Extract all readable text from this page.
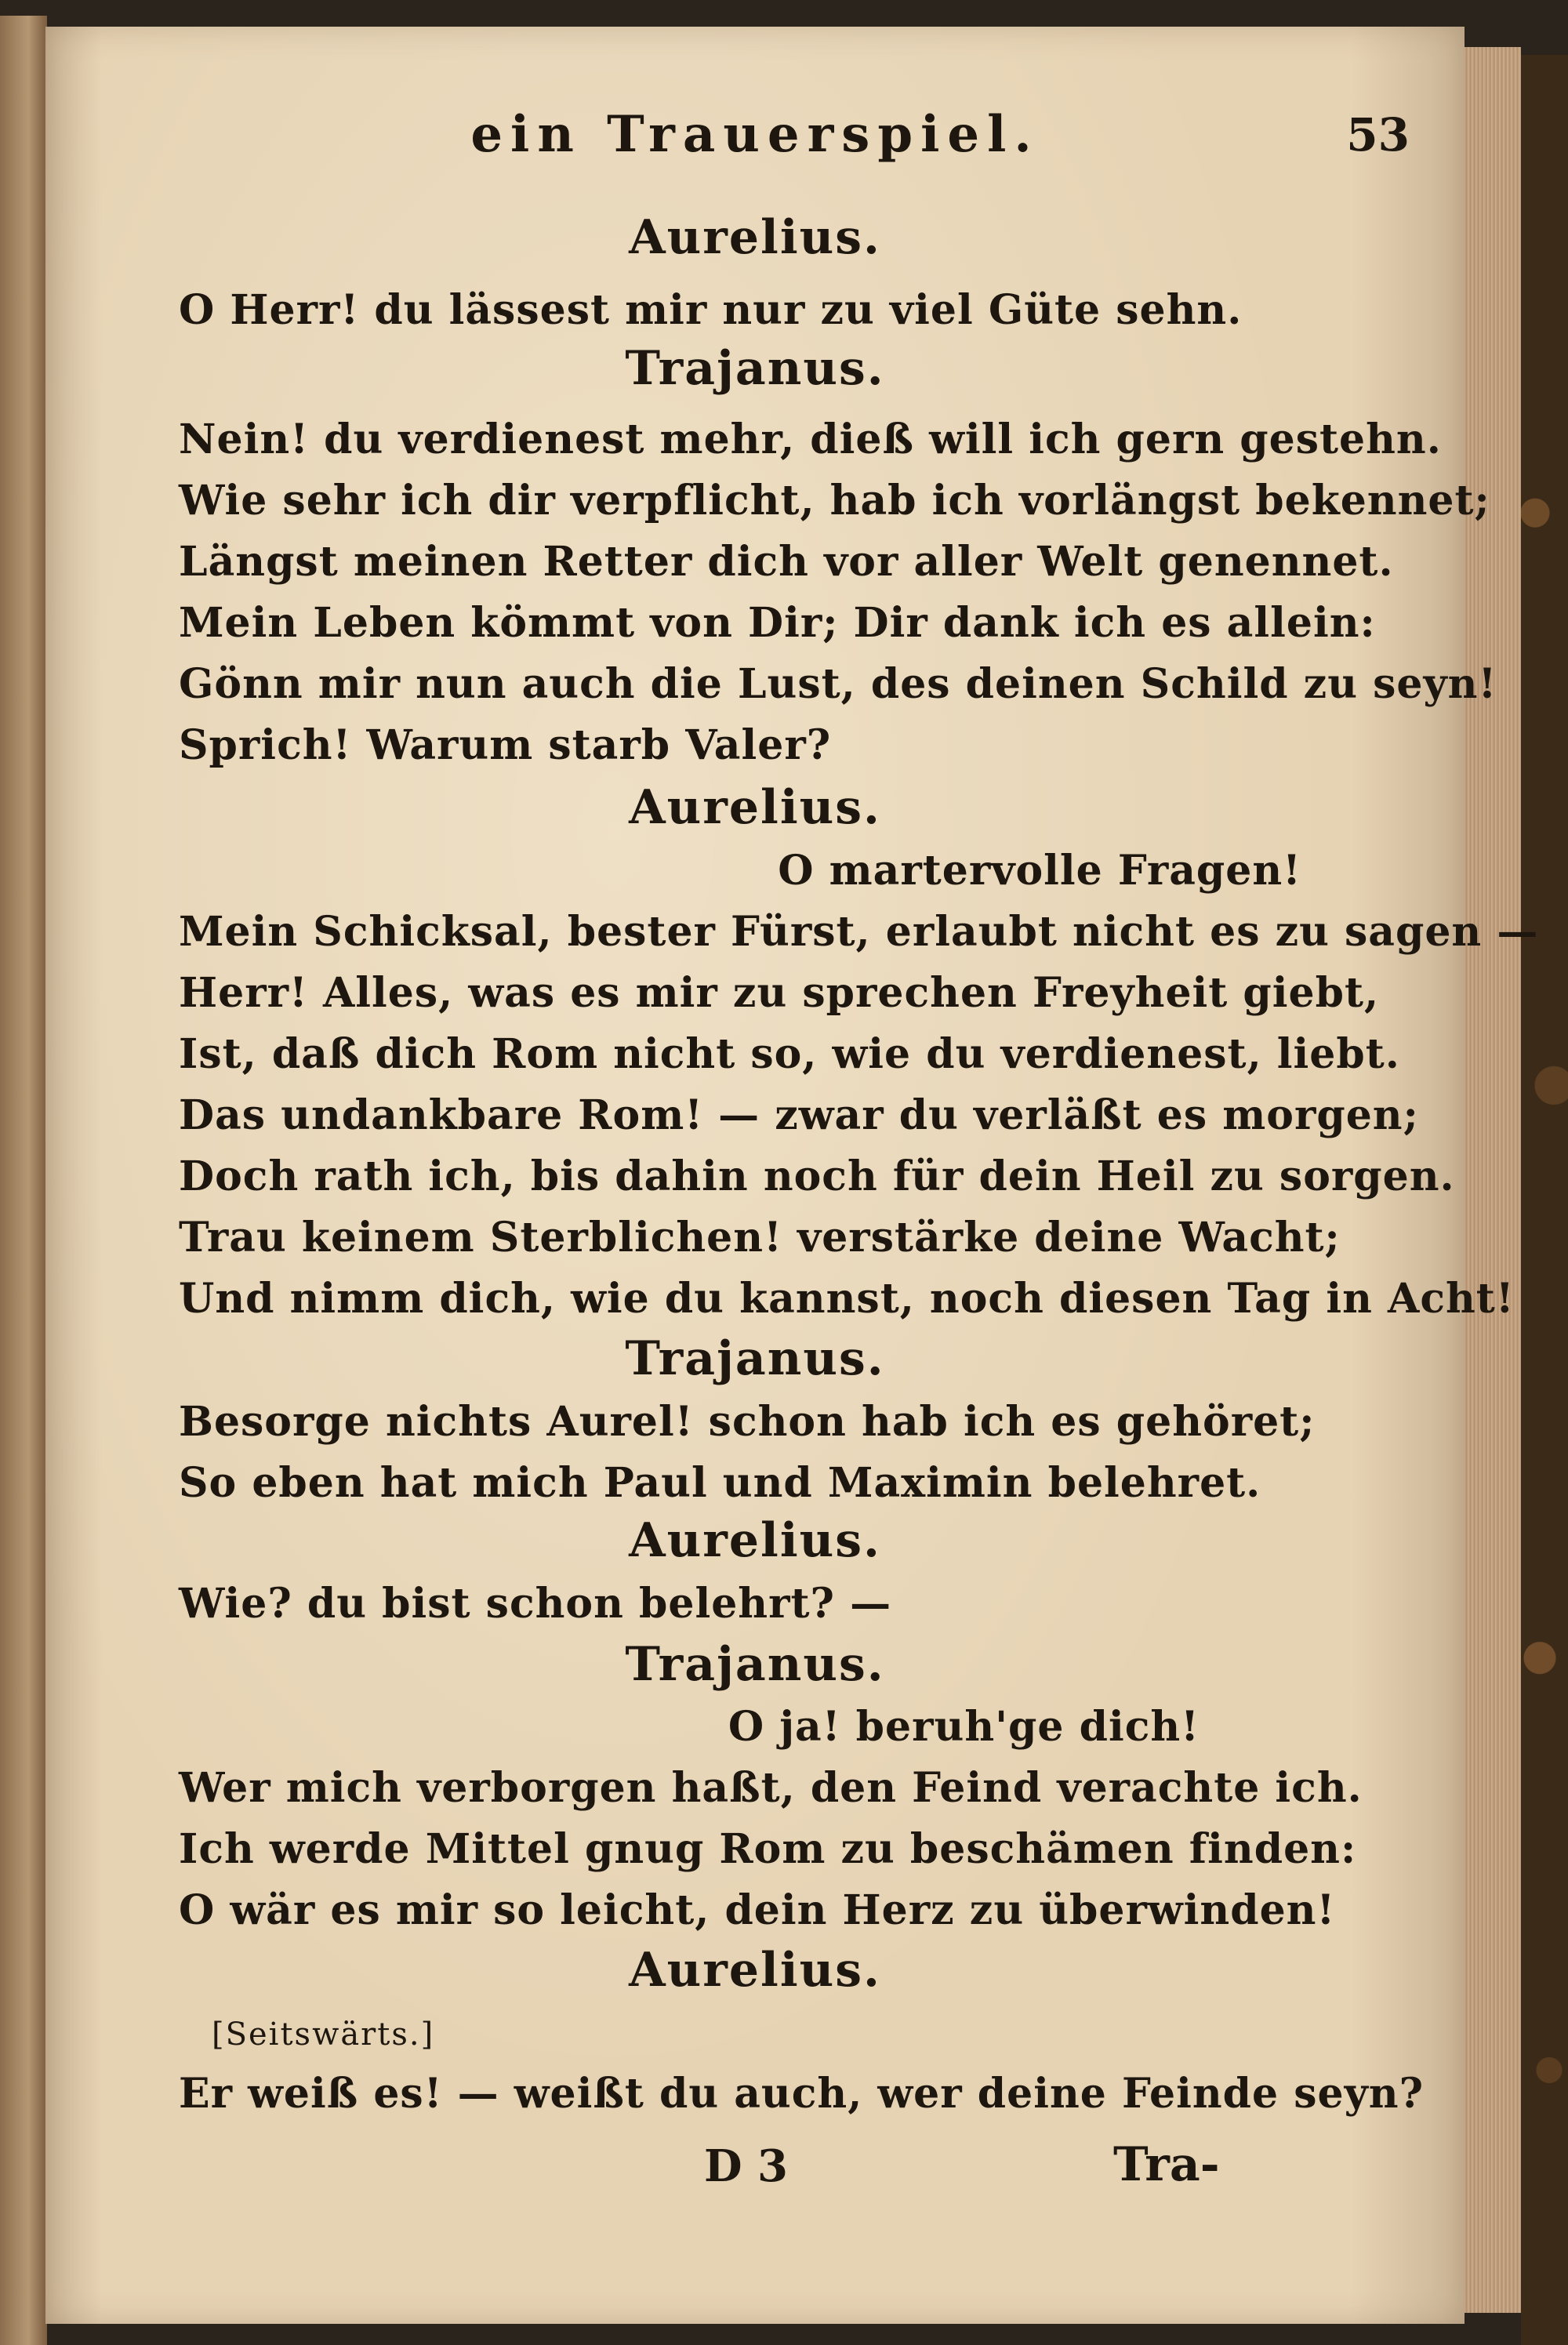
ein Trauerspiel.	53
Aurelius.
O Herr! du lässest mir nur zu viel Güte sehn.
Trajanus.
Nein! du verdienest mehr, dieß will ich gern gestehn.
Wie sehr ich dir verpflicht, hab ich vorlängst bekennet;
Längst meinen Retter dich vor aller Welt genennet.
Mein Leben kömmt von Dir; Dir dank ich es allein:
Gönn mir nun auch die Lust, des deinen Schild zu seyn!
Sprich! Warum starb Valer?
Aurelius.
O martervolle Fragen!
Mein Schicksal, bester Fürst, erlaubt nicht es zu sagen —
Herr! Alles, was es mir zu sprechen Freyheit giebt,
Ist, daß dich Rom nicht so, wie du verdienest, liebt.
Das undankbare Rom! — zwar du verläßt es morgen;
Doch rath ich, bis dahin noch für dein Heil zu sorgen.
Trau keinem Sterblichen! verstärke deine Wacht;
Und nimm dich, wie du kannst, noch diesen Tag in Acht!
Trajanus.
Besorge nichts Aurel! schon hab ich es gehöret;
So eben hat mich Paul und Maximin belehret.
Aurelius.
Wie? du bist schon belehrt? —
Trajanus.
O ja! beruh'ge dich!
Wer mich verborgen haßt, den Feind verachte ich.
Ich werde Mittel gnug Rom zu beschämen finden:
O wär es mir so leicht, dein Herz zu überwinden!
Aurelius.
[Seitswärts.]
Er weiß es! — weißt du auch, wer deine Feinde seyn?
D 3	Tra-
